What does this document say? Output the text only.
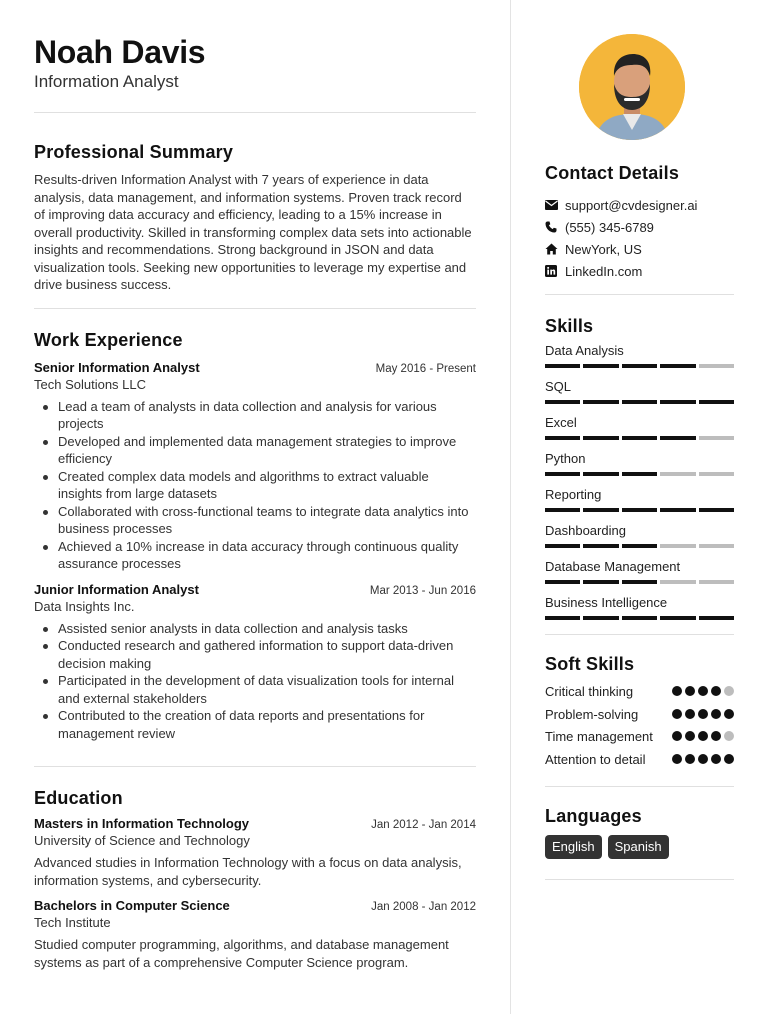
Noah Davis
Information Analyst
Professional Summary
Results-driven Information Analyst with 7 years of experience in data analysis, data management, and information systems. Proven track record of improving data accuracy and efficiency, leading to a 15% increase in overall productivity. Skilled in transforming complex data sets into actionable insights and recommendations. Strong background in JSON and data visualization tools. Seeking new opportunities to leverage my expertise and drive business success.
Work Experience
Senior Information Analyst	May 2016 - Present
Tech Solutions LLC
Lead a team of analysts in data collection and analysis for various projects
Developed and implemented data management strategies to improve efficiency
Created complex data models and algorithms to extract valuable insights from large datasets
Collaborated with cross-functional teams to integrate data analytics into business processes
Achieved a 10% increase in data accuracy through continuous quality assurance processes
Junior Information Analyst	Mar 2013 - Jun 2016
Data Insights Inc.
Assisted senior analysts in data collection and analysis tasks
Conducted research and gathered information to support data-driven decision making
Participated in the development of data visualization tools for internal and external stakeholders
Contributed to the creation of data reports and presentations for management review
Education
Masters in Information Technology	Jan 2012 - Jan 2014
University of Science and Technology
Advanced studies in Information Technology with a focus on data analysis, information systems, and cybersecurity.
Bachelors in Computer Science	Jan 2008 - Jan 2012
Tech Institute
Studied computer programming, algorithms, and database management systems as part of a comprehensive Computer Science program.
Contact Details
support@cvdesigner.ai
(555) 345-6789
NewYork, US
LinkedIn.com
Skills
Data Analysis
SQL
Excel
Python
Reporting
Dashboarding
Database Management
Business Intelligence
Soft Skills
Critical thinking
Problem-solving
Time management
Attention to detail
Languages
English	Spanish
